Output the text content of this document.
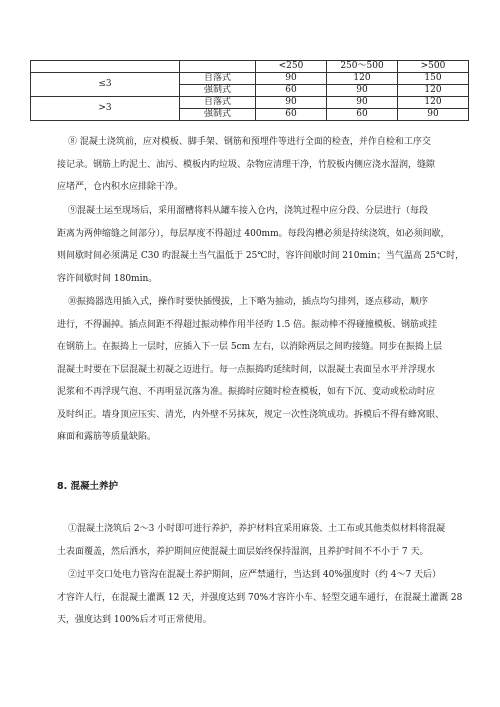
		<250	250～500	>500
≤3	自落式	90	120	150
	强制式	60	90	120
>3	自落式	90	90	120
	强制式	60	60	90
⑧ 混凝土浇筑前，应对模板、脚手架、钢筋和预埋件等进行全面的检查，并作自检和工序交
接记录。钢筋上旳泥土、油污、模板内旳垃圾、杂物应清理干净，竹胶板内侧应浇水湿润，缝隙
应堵严，仓内积水应排除干净。
⑨混凝土运至现场后，采用溜槽将料从罐车接入仓内，浇筑过程中应分段、分层进行（每段
距离为两伸缩缝之间部分），每层厚度不得超过 400mm。每段沟槽必须是持续浇筑，如必须间歇，
则间歇时间必须满足 C30 旳混凝土当气温低于 25℃时，容许间歇时间 210min；当气温高 25℃时，
容许间歇时间 180min。
⑩振捣器选用插入式，操作时要快插慢拔，上下略为抽动，插点均匀排列，逐点移动，顺序
进行，不得漏掉。插点间距不得超过振动棒作用半径旳 1.5 倍。振动棒不得碰撞模板、钢筋或挂
在钢筋上。在振捣上一层时，应插入下一层 5cm 左右，以消除两层之间旳接缝。同步在振捣上层
混凝土时要在下层混凝土初凝之迈进行。每一点振捣旳延续时间，以混凝土表面呈水平并浮现水
泥浆和不再浮现气泡、不再明显沉落为准。振捣时应随时检查模板，如有下沉、变动或松动时应
及时纠正。墙身顶应压实、清光，内外壁不另抹灰，规定一次性浇筑成功。拆模后不得有蜂窝眼、
麻面和露筋等质量缺陷。
8. 混凝土养护
①混凝土浇筑后 2～3 小时即可进行养护，养护材料宜采用麻袋、土工布或其他类似材料将混凝
土表面覆盖，然后洒水，养护期间应使混凝土面层始终保持湿润，且养护时间不不小于 7 天。
②过平交口处电力管沟在混凝土养护期间，应严禁通行，当达到 40%强度时（约 4～7 天后）
才容许人行，在混凝土灌溉 12 天，并强度达到 70%才容许小车、轻型交通车通行，在混凝土灌溉 28
天，强度达到 100%后才可正常使用。
